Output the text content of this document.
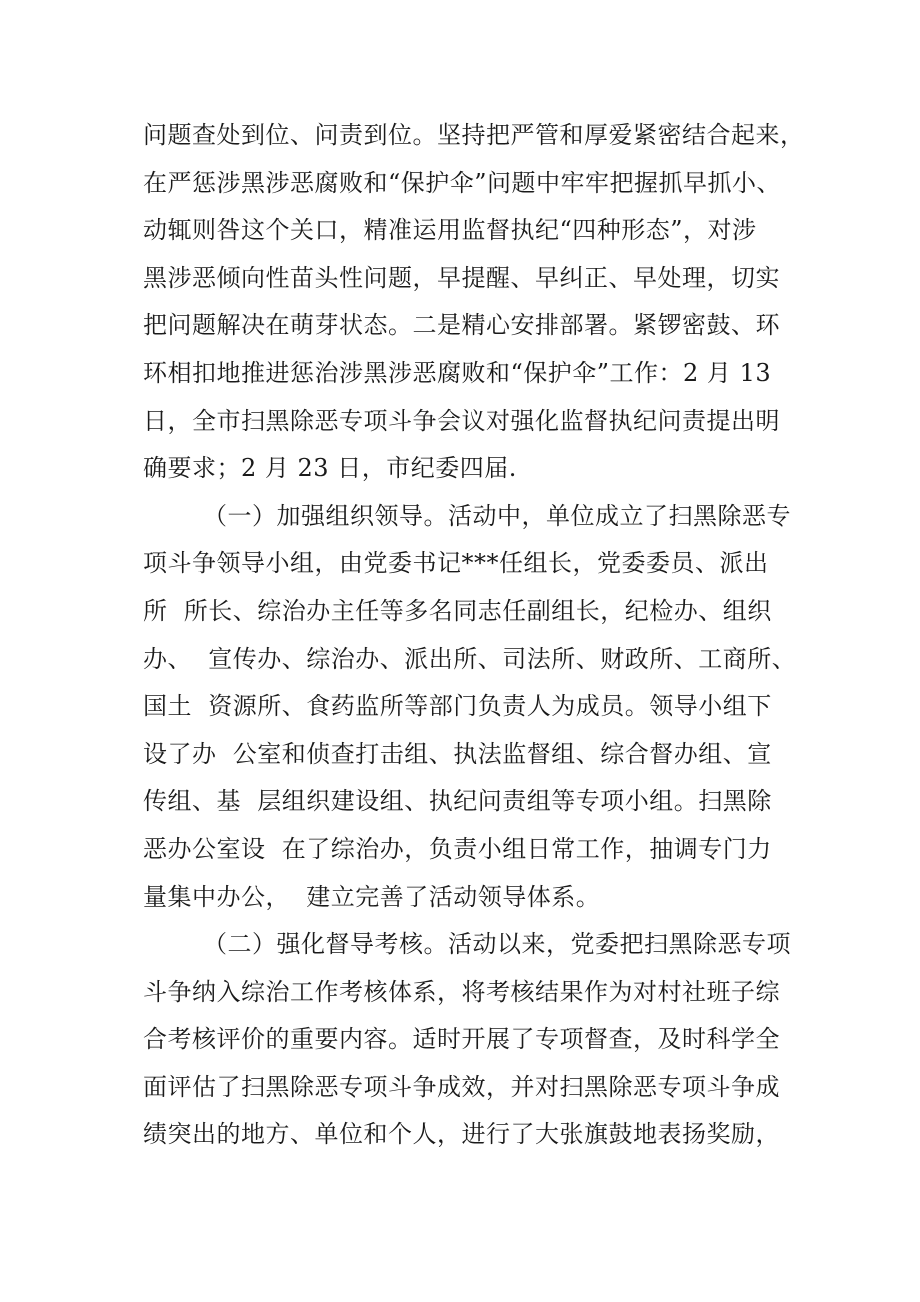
问题查处到位、问责到位。坚持把严管和厚爱紧密结合起来，
在严惩涉黑涉恶腐败和“保护伞”问题中牢牢把握抓早抓小、
动辄则咎这个关口，精准运用监督执纪“四种形态”，对涉
黑涉恶倾向性苗头性问题，早提醒、早纠正、早处理，切实
把问题解决在萌芽状态。二是精心安排部署。紧锣密鼓、环
环相扣地推进惩治涉黑涉恶腐败和“保护伞”工作：2 月 13
日，全市扫黑除恶专项斗争会议对强化监督执纪问责提出明
确要求；2 月 23 日，市纪委四届.
（一）加强组织领导。活动中，单位成立了扫黑除恶专
项斗争领导小组，由党委书记***任组长，党委委员、派出
所  所长、综治办主任等多名同志任副组长，纪检办、组织
办、  宣传办、综治办、派出所、司法所、财政所、工商所、
国土  资源所、食药监所等部门负责人为成员。领导小组下
设了办  公室和侦查打击组、执法监督组、综合督办组、宣
传组、基  层组织建设组、执纪问责组等专项小组。扫黑除
恶办公室设  在了综治办，负责小组日常工作，抽调专门力
量集中办公，  建立完善了活动领导体系。
（二）强化督导考核。活动以来，党委把扫黑除恶专项
斗争纳入综治工作考核体系，将考核结果作为对村社班子综
合考核评价的重要内容。适时开展了专项督查，及时科学全
面评估了扫黑除恶专项斗争成效，并对扫黑除恶专项斗争成
绩突出的地方、单位和个人，进行了大张旗鼓地表扬奖励，
